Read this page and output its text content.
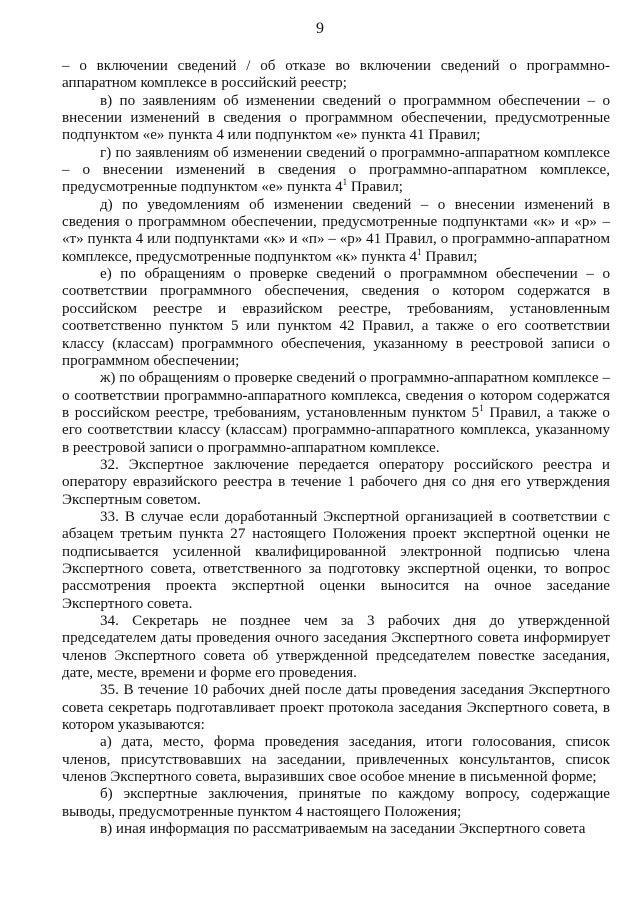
9

– о включении сведений / об отказе во включении сведений о программно-аппаратном комплексе в российский реестр;

в) по заявлениям об изменении сведений о программном обеспечении – о внесении изменений в сведения о программном обеспечении, предусмотренные подпунктом «е» пункта 4 или подпунктом «е» пункта 41 Правил;

г) по заявлениям об изменении сведений о программно-аппаратном комплексе – о внесении изменений в сведения о программно-аппаратном комплексе, предусмотренные подпунктом «е» пункта $4^1$ Правил;

д) по уведомлениям об изменении сведений – о внесении изменений в сведения о программном обеспечении, предусмотренные подпунктами «к» и «р» – «т» пункта 4 или подпунктами «к» и «п» – «р» 41 Правил, о программно-аппаратном комплексе, предусмотренные подпунктом «к» пункта $4^1$ Правил;

е) по обращениям о проверке сведений о программном обеспечении – о соответствии программного обеспечения, сведения о котором содержатся в российском реестре и евразийском реестре, требованиям, установленным соответственно пунктом 5 или пунктом 42 Правил, а также о его соответствии классу (классам) программного обеспечения, указанному в реестровой записи о программном обеспечении;

ж) по обращениям о проверке сведений о программно-аппаратном комплексе – о соответствии программно-аппаратного комплекса, сведения о котором содержатся в российском реестре, требованиям, установленным пунктом $5^1$ Правил, а также о его соответствии классу (классам) программно-аппаратного комплекса, указанному в реестровой записи о программно-аппаратном комплексе.

32. Экспертное заключение передается оператору российского реестра и оператору евразийского реестра в течение 1 рабочего дня со дня его утверждения Экспертным советом.

33. В случае если доработанный Экспертной организацией в соответствии с абзацем третьим пункта 27 настоящего Положения проект экспертной оценки не подписывается усиленной квалифицированной электронной подписью члена Экспертного совета, ответственного за подготовку экспертной оценки, то вопрос рассмотрения проекта экспертной оценки выносится на очное заседание Экспертного совета.

34. Секретарь не позднее чем за 3 рабочих дня до утвержденной председателем даты проведения очного заседания Экспертного совета информирует членов Экспертного совета об утвержденной председателем повестке заседания, дате, месте, времени и форме его проведения.

35. В течение 10 рабочих дней после даты проведения заседания Экспертного совета секретарь подготавливает проект протокола заседания Экспертного совета, в котором указываются:

а) дата, место, форма проведения заседания, итоги голосования, список членов, присутствовавших на заседании, привлеченных консультантов, список членов Экспертного совета, выразивших свое особое мнение в письменной форме;

б) экспертные заключения, принятые по каждому вопросу, содержащие выводы, предусмотренные пунктом 4 настоящего Положения;

в) иная информация по рассматриваемым на заседании Экспертного совета
